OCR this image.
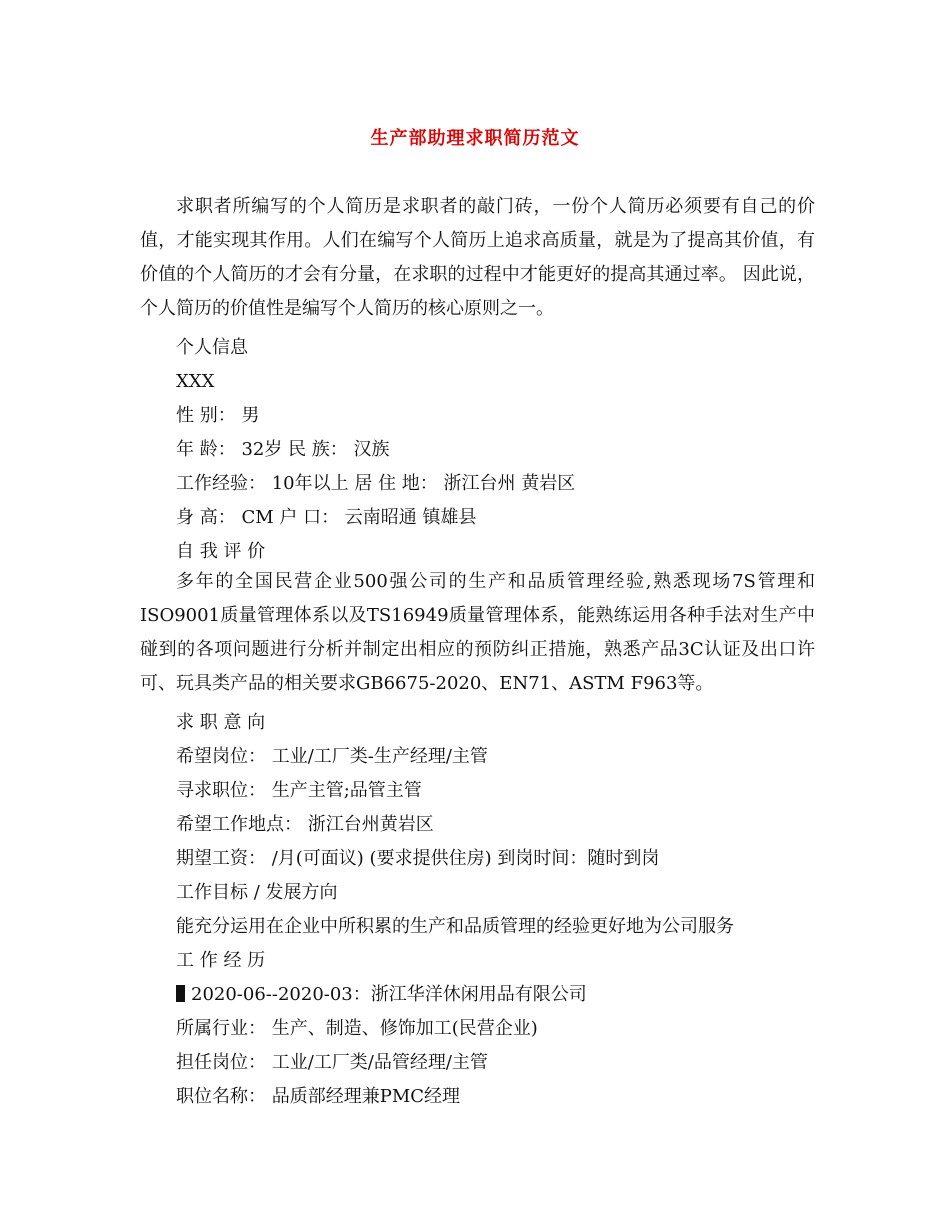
生产部助理求职简历范文
求职者所编写的个人简历是求职者的敲门砖，一份个人简历必须要有自己的价值，才能实现其作用。人们在编写个人简历上追求高质量，就是为了提高其价值，有价值的个人简历的才会有分量，在求职的过程中才能更好的提高其通过率。 因此说，个人简历的价值性是编写个人简历的核心原则之一。
个人信息
XXX
性 别： 男
年 龄： 32岁 民 族： 汉族
工作经验： 10年以上 居 住 地： 浙江台州 黄岩区
身 高： CM 户 口： 云南昭通 镇雄县
自 我 评 价
多年的全国民营企业500强公司的生产和品质管理经验,熟悉现场7S管理和ISO9001质量管理体系以及TS16949质量管理体系，能熟练运用各种手法对生产中碰到的各项问题进行分析并制定出相应的预防纠正措施，熟悉产品3C认证及出口许可、玩具类产品的相关要求GB6675-2020、EN71、ASTM F963等。
求 职 意 向
希望岗位： 工业/工厂类-生产经理/主管
寻求职位： 生产主管;品管主管
希望工作地点： 浙江台州黄岩区
期望工资： /月(可面议) (要求提供住房) 到岗时间：随时到岗
工作目标 / 发展方向
能充分运用在企业中所积累的生产和品质管理的经验更好地为公司服务
工 作 经 历
2020-06--2020-03：浙江华洋休闲用品有限公司
所属行业： 生产、制造、修饰加工(民营企业)
担任岗位： 工业/工厂类/品管经理/主管
职位名称： 品质部经理兼PMC经理
